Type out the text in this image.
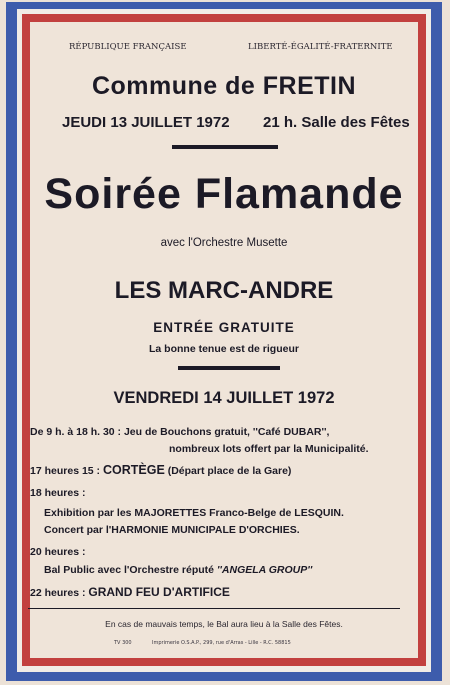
RÉPUBLIQUE FRANÇAISE	LIBERTÉ-ÉGALITÉ-FRATERNITE
Commune de FRETIN
JEUDI 13 JUILLET 1972 21 h. Salle des Fêtes
Soirée Flamande
avec l'Orchestre Musette
LES MARC-ANDRE
ENTRÉE GRATUITE
La bonne tenue est de rigueur
VENDREDI 14 JUILLET 1972
De 9 h. à 18 h. 30 : Jeu de Bouchons gratuit, ''Café DUBAR'',
nombreux lots offert par la Municipalité.
17 heures 15 : CORTÈGE (Départ place de la Gare)
18 heures :
Exhibition par les MAJORETTES Franco-Belge de LESQUIN.
Concert par l'HARMONIE MUNICIPALE D'ORCHIES.
20 heures :
Bal Public avec l'Orchestre réputé ''ANGELA GROUP''
22 heures : GRAND FEU D'ARTIFICE
En cas de mauvais temps, le Bal aura lieu à la Salle des Fêtes.
TV 300	Imprimerie O.S.A.P., 299, rue d'Arras - Lille - R.C. 58815
